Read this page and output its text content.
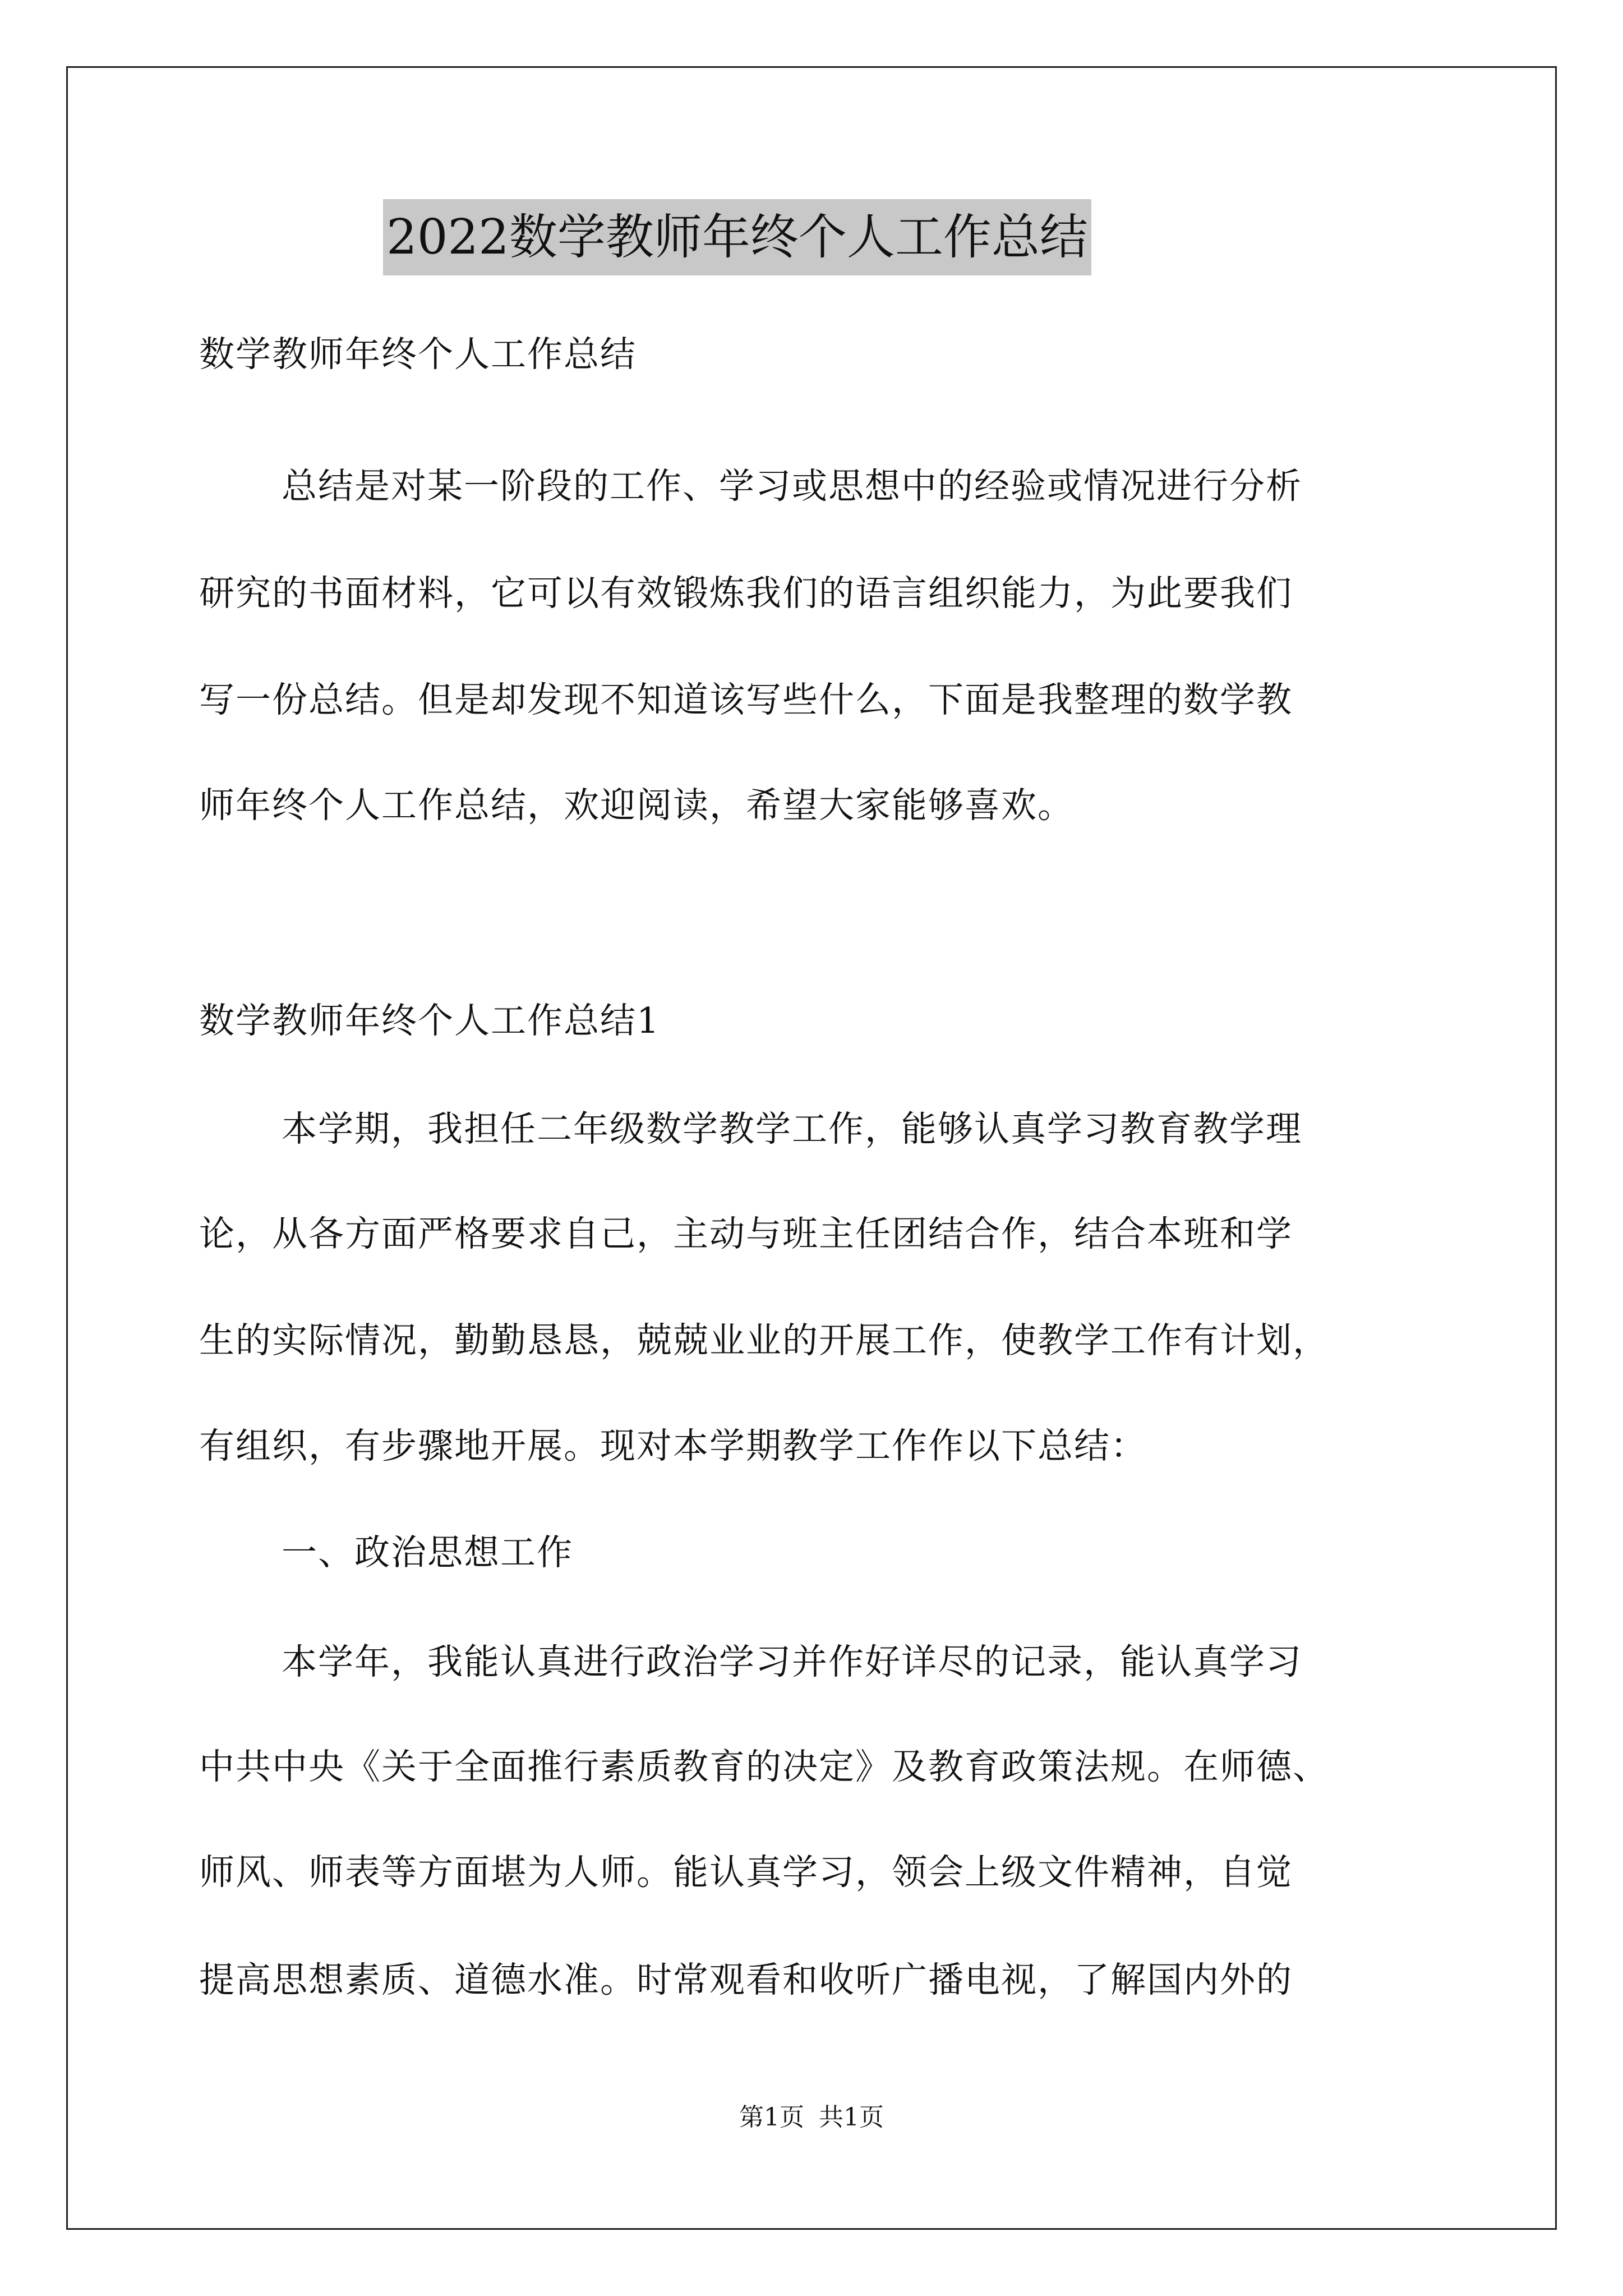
2022数学教师年终个人工作总结
数学教师年终个人工作总结
总结是对某一阶段的工作、学习或思想中的经验或情况进行分析
研究的书面材料，它可以有效锻炼我们的语言组织能力，为此要我们
写一份总结。但是却发现不知道该写些什么，下面是我整理的数学教
师年终个人工作总结，欢迎阅读，希望大家能够喜欢。
数学教师年终个人工作总结1
本学期，我担任二年级数学教学工作，能够认真学习教育教学理
论，从各方面严格要求自己，主动与班主任团结合作，结合本班和学
生的实际情况，勤勤恳恳，兢兢业业的开展工作，使教学工作有计划，
有组织，有步骤地开展。现对本学期教学工作作以下总结：
一、政治思想工作
本学年，我能认真进行政治学习并作好详尽的记录，能认真学习
中共中央《关于全面推行素质教育的决定》及教育政策法规。在师德、
师风、师表等方面堪为人师。能认真学习，领会上级文件精神，自觉
提高思想素质、道德水准。时常观看和收听广播电视，了解国内外的
第1页 共1页
